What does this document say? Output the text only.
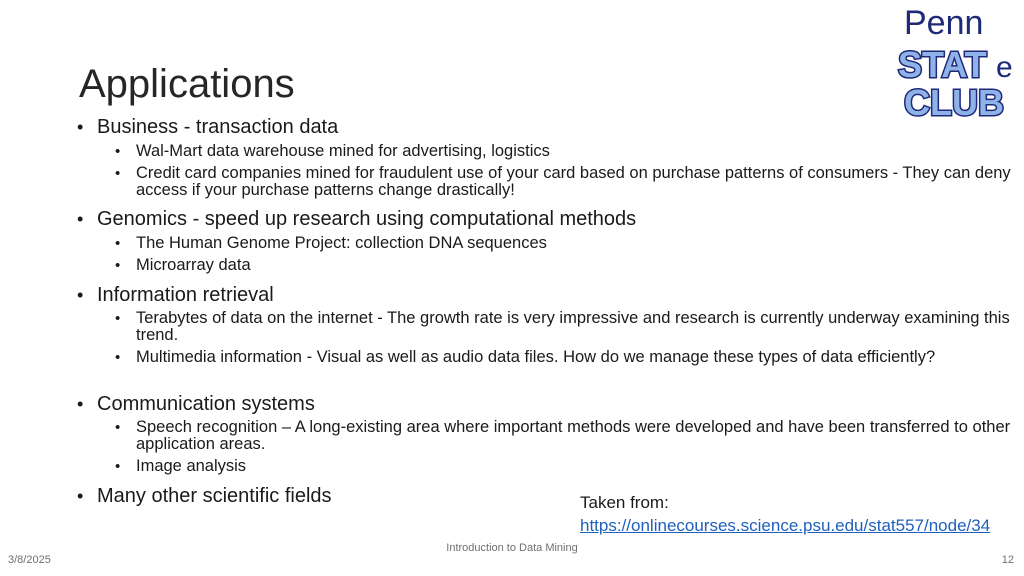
Applications
Penn
STAT e
CLUB
• Business - transaction data
• Wal-Mart data warehouse mined for advertising, logistics
• Credit card companies mined for fraudulent use of your card based on purchase patterns of consumers - They can deny access if your purchase patterns change drastically!
• Genomics - speed up research using computational methods
• The Human Genome Project: collection DNA sequences
• Microarray data
• Information retrieval
• Terabytes of data on the internet - The growth rate is very impressive and research is currently underway examining this trend.
• Multimedia information - Visual as well as audio data files. How do we manage these types of data efficiently?
• Communication systems
• Speech recognition – A long-existing area where important methods were developed and have been transferred to other application areas.
• Image analysis
• Many other scientific fields	Taken from:
https://onlinecourses.science.psu.edu/stat557/node/34
Introduction to Data Mining
3/8/2025	12
